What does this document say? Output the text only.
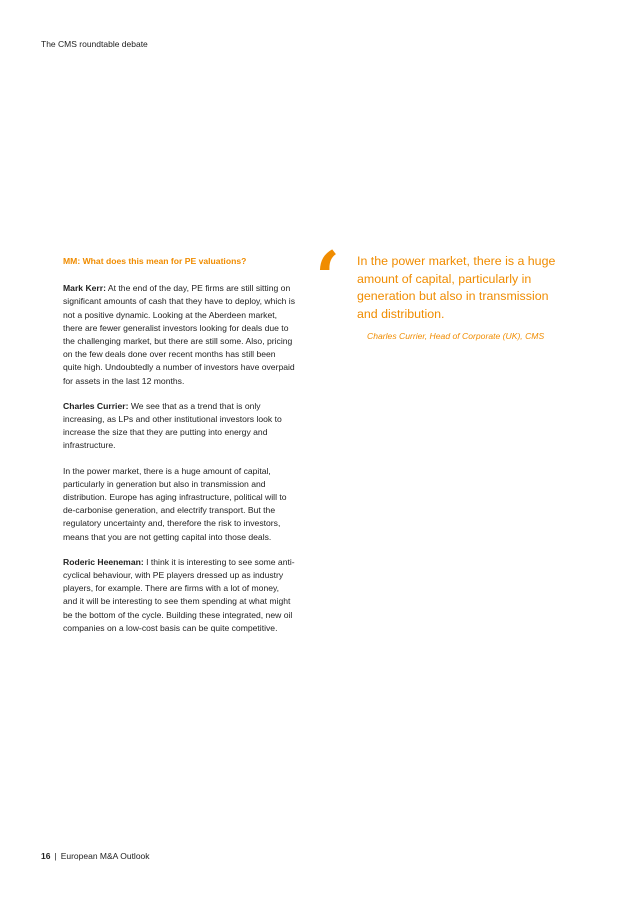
The CMS roundtable debate

MM: What does this mean for PE valuations?

Mark Kerr: At the end of the day, PE firms are still sitting on significant amounts of cash that they have to deploy, which is not a positive dynamic. Looking at the Aberdeen market, there are fewer generalist investors looking for deals due to the challenging market, but there are still some. Also, pricing on the few deals done over recent months has still been quite high. Undoubtedly a number of investors have overpaid for assets in the last 12 months.

Charles Currier: We see that as a trend that is only increasing, as LPs and other institutional investors look to increase the size that they are putting into energy and infrastructure.

In the power market, there is a huge amount of capital, particularly in generation but also in transmission and distribution. Europe has aging infrastructure, political will to de-carbonise generation, and electrify transport. But the regulatory uncertainty and, therefore the risk to investors, means that you are not getting capital into those deals.

Roderic Heeneman: I think it is interesting to see some anti-cyclical behaviour, with PE players dressed up as industry players, for example. There are firms with a lot of money, and it will be interesting to see them spending at what might be the bottom of the cycle. Building these integrated, new oil companies on a low-cost basis can be quite competitive.

‘ In the power market, there is a huge amount of capital, particularly in generation but also in transmission and distribution.

Charles Currier, Head of Corporate (UK), CMS

16 | European M&A Outlook
